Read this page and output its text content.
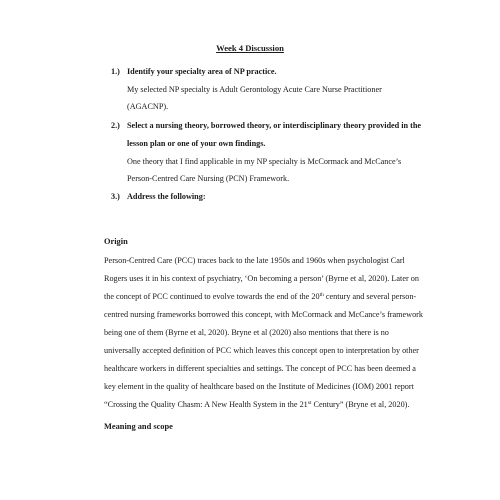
Week 4 Discussion
1.) Identify your specialty area of NP practice.
My selected NP specialty is Adult Gerontology Acute Care Nurse Practitioner
(AGACNP).
2.) Select a nursing theory, borrowed theory, or interdisciplinary theory provided in the
lesson plan or one of your own findings.
One theory that I find applicable in my NP specialty is McCormack and McCance’s
Person-Centred Care Nursing (PCN) Framework.
3.) Address the following:
Origin
Person-Centred Care (PCC) traces back to the late 1950s and 1960s when psychologist Carl
Rogers uses it in his context of psychiatry, ‘On becoming a person’ (Byrne et al, 2020). Later on
the concept of PCC continued to evolve towards the end of the 20th century and several person-
centred nursing frameworks borrowed this concept, with McCormack and McCance’s framework
being one of them (Byrne et al, 2020). Bryne et al (2020) also mentions that there is no
universally accepted definition of PCC which leaves this concept open to interpretation by other
healthcare workers in different specialties and settings. The concept of PCC has been deemed a
key element in the quality of healthcare based on the Institute of Medicines (IOM) 2001 report
“Crossing the Quality Chasm: A New Health System in the 21st Century” (Bryne et al, 2020).
Meaning and scope
